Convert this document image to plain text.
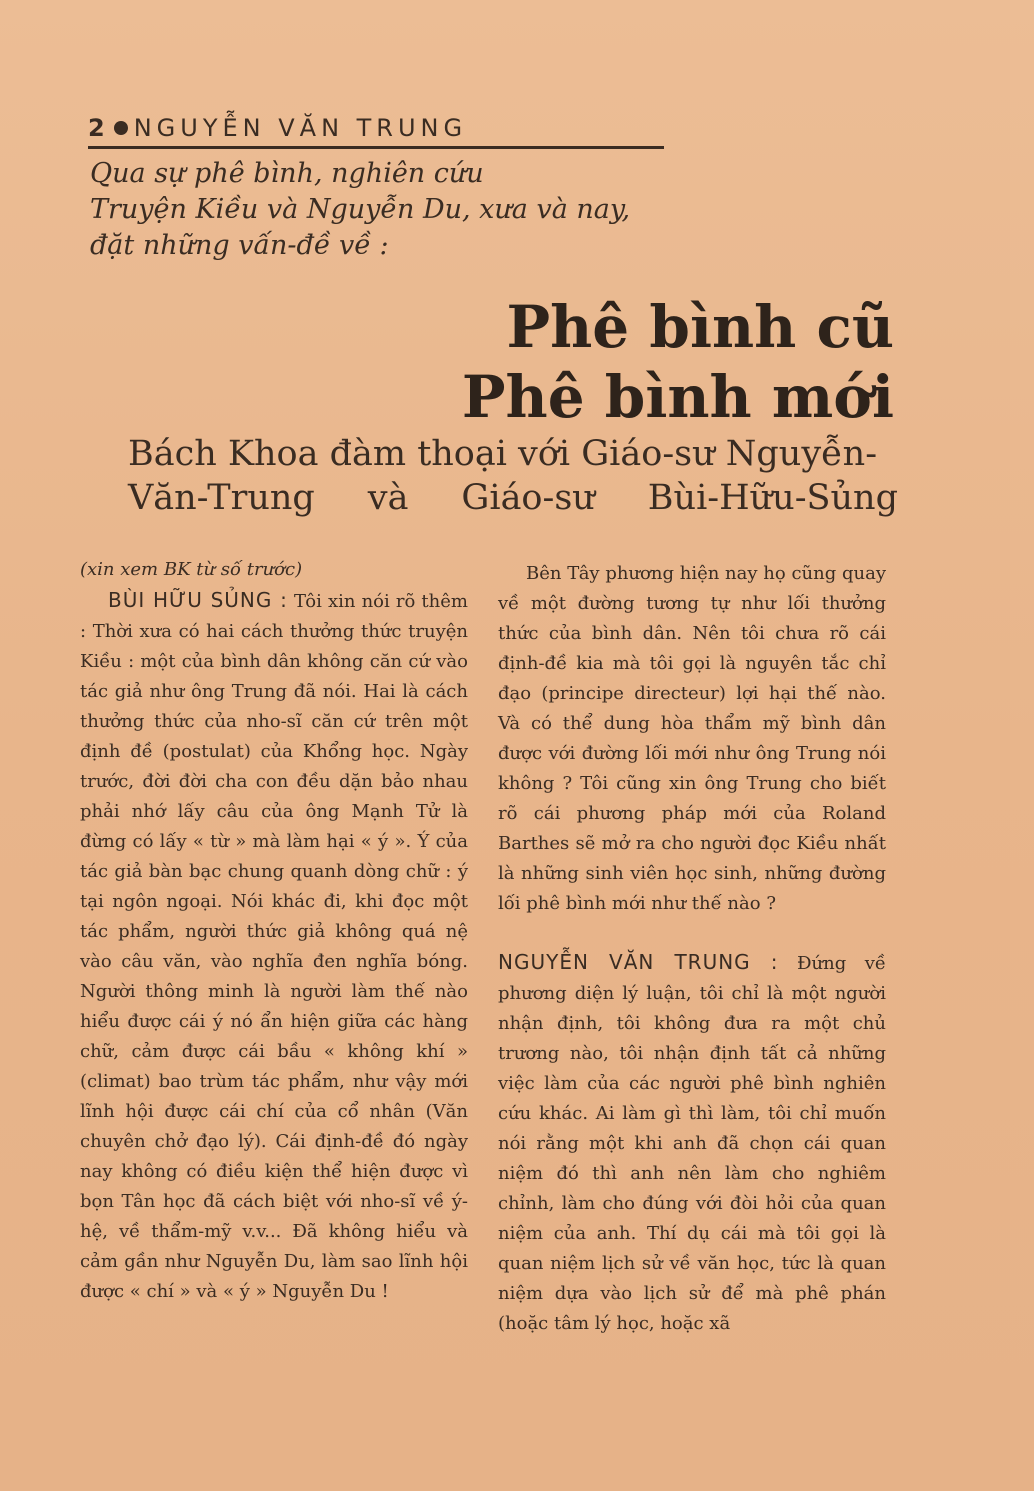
2 NGUYỄN VĂN TRUNG
Qua sự phê bình, nghiên cứu
Truyện Kiều và Nguyễn Du, xưa và nay,
đặt những vấn-đề về :
Phê bình cũ
Phê bình mới
Bách Khoa đàm thoại với Giáo-sư Nguyễn-
Văn-Trung và Giáo-sư Bùi-Hữu-Sủng

(xin xem BK từ số trước)

BÙI HỮU SỦNG : Tôi xin nói rõ thêm : Thời xưa có hai cách thưởng thức truyện Kiều : một của bình dân không căn cứ vào tác giả như ông Trung đã nói. Hai là cách thưởng thức của nho-sĩ căn cứ trên một định đề (postulat) của Khổng học. Ngày trước, đời đời cha con đều dặn bảo nhau phải nhớ lấy câu của ông Mạnh Tử là đừng có lấy « từ » mà làm hại « ý ». Ý của tác giả bàn bạc chung quanh dòng chữ : ý tại ngôn ngoại. Nói khác đi, khi đọc một tác phẩm, người thức giả không quá nệ vào câu văn, vào nghĩa đen nghĩa bóng. Người thông minh là người làm thế nào hiểu được cái ý nó ẩn hiện giữa các hàng chữ, cảm được cái bầu « không khí » (climat) bao trùm tác phẩm, như vậy mới lĩnh hội được cái chí của cổ nhân (Văn chuyên chở đạo lý). Cái định-đề đó ngày nay không có điều kiện thể hiện được vì bọn Tân học đã cách biệt với nho-sĩ về ý-hệ, về thẩm-mỹ v.v... Đã không hiểu và cảm gần như Nguyễn Du, làm sao lĩnh hội được « chí » và « ý » Nguyễn Du !

Bên Tây phương hiện nay họ cũng quay về một đường tương tự như lối thưởng thức của bình dân. Nên tôi chưa rõ cái định-đề kia mà tôi gọi là nguyên tắc chỉ đạo (principe directeur) lợi hại thế nào. Và có thể dung hòa thẩm mỹ bình dân được với đường lối mới như ông Trung nói không ? Tôi cũng xin ông Trung cho biết rõ cái phương pháp mới của Roland Barthes sẽ mở ra cho người đọc Kiều nhất là những sinh viên học sinh, những đường lối phê bình mới như thế nào ?

NGUYỄN VĂN TRUNG : Đứng về phương diện lý luận, tôi chỉ là một người nhận định, tôi không đưa ra một chủ trương nào, tôi nhận định tất cả những việc làm của các người phê bình nghiên cứu khác. Ai làm gì thì làm, tôi chỉ muốn nói rằng một khi anh đã chọn cái quan niệm đó thì anh nên làm cho nghiêm chỉnh, làm cho đúng với đòi hỏi của quan niệm của anh. Thí dụ cái mà tôi gọi là quan niệm lịch sử về văn học, tức là quan niệm dựa vào lịch sử để mà phê phán (hoặc tâm lý học, hoặc xã
